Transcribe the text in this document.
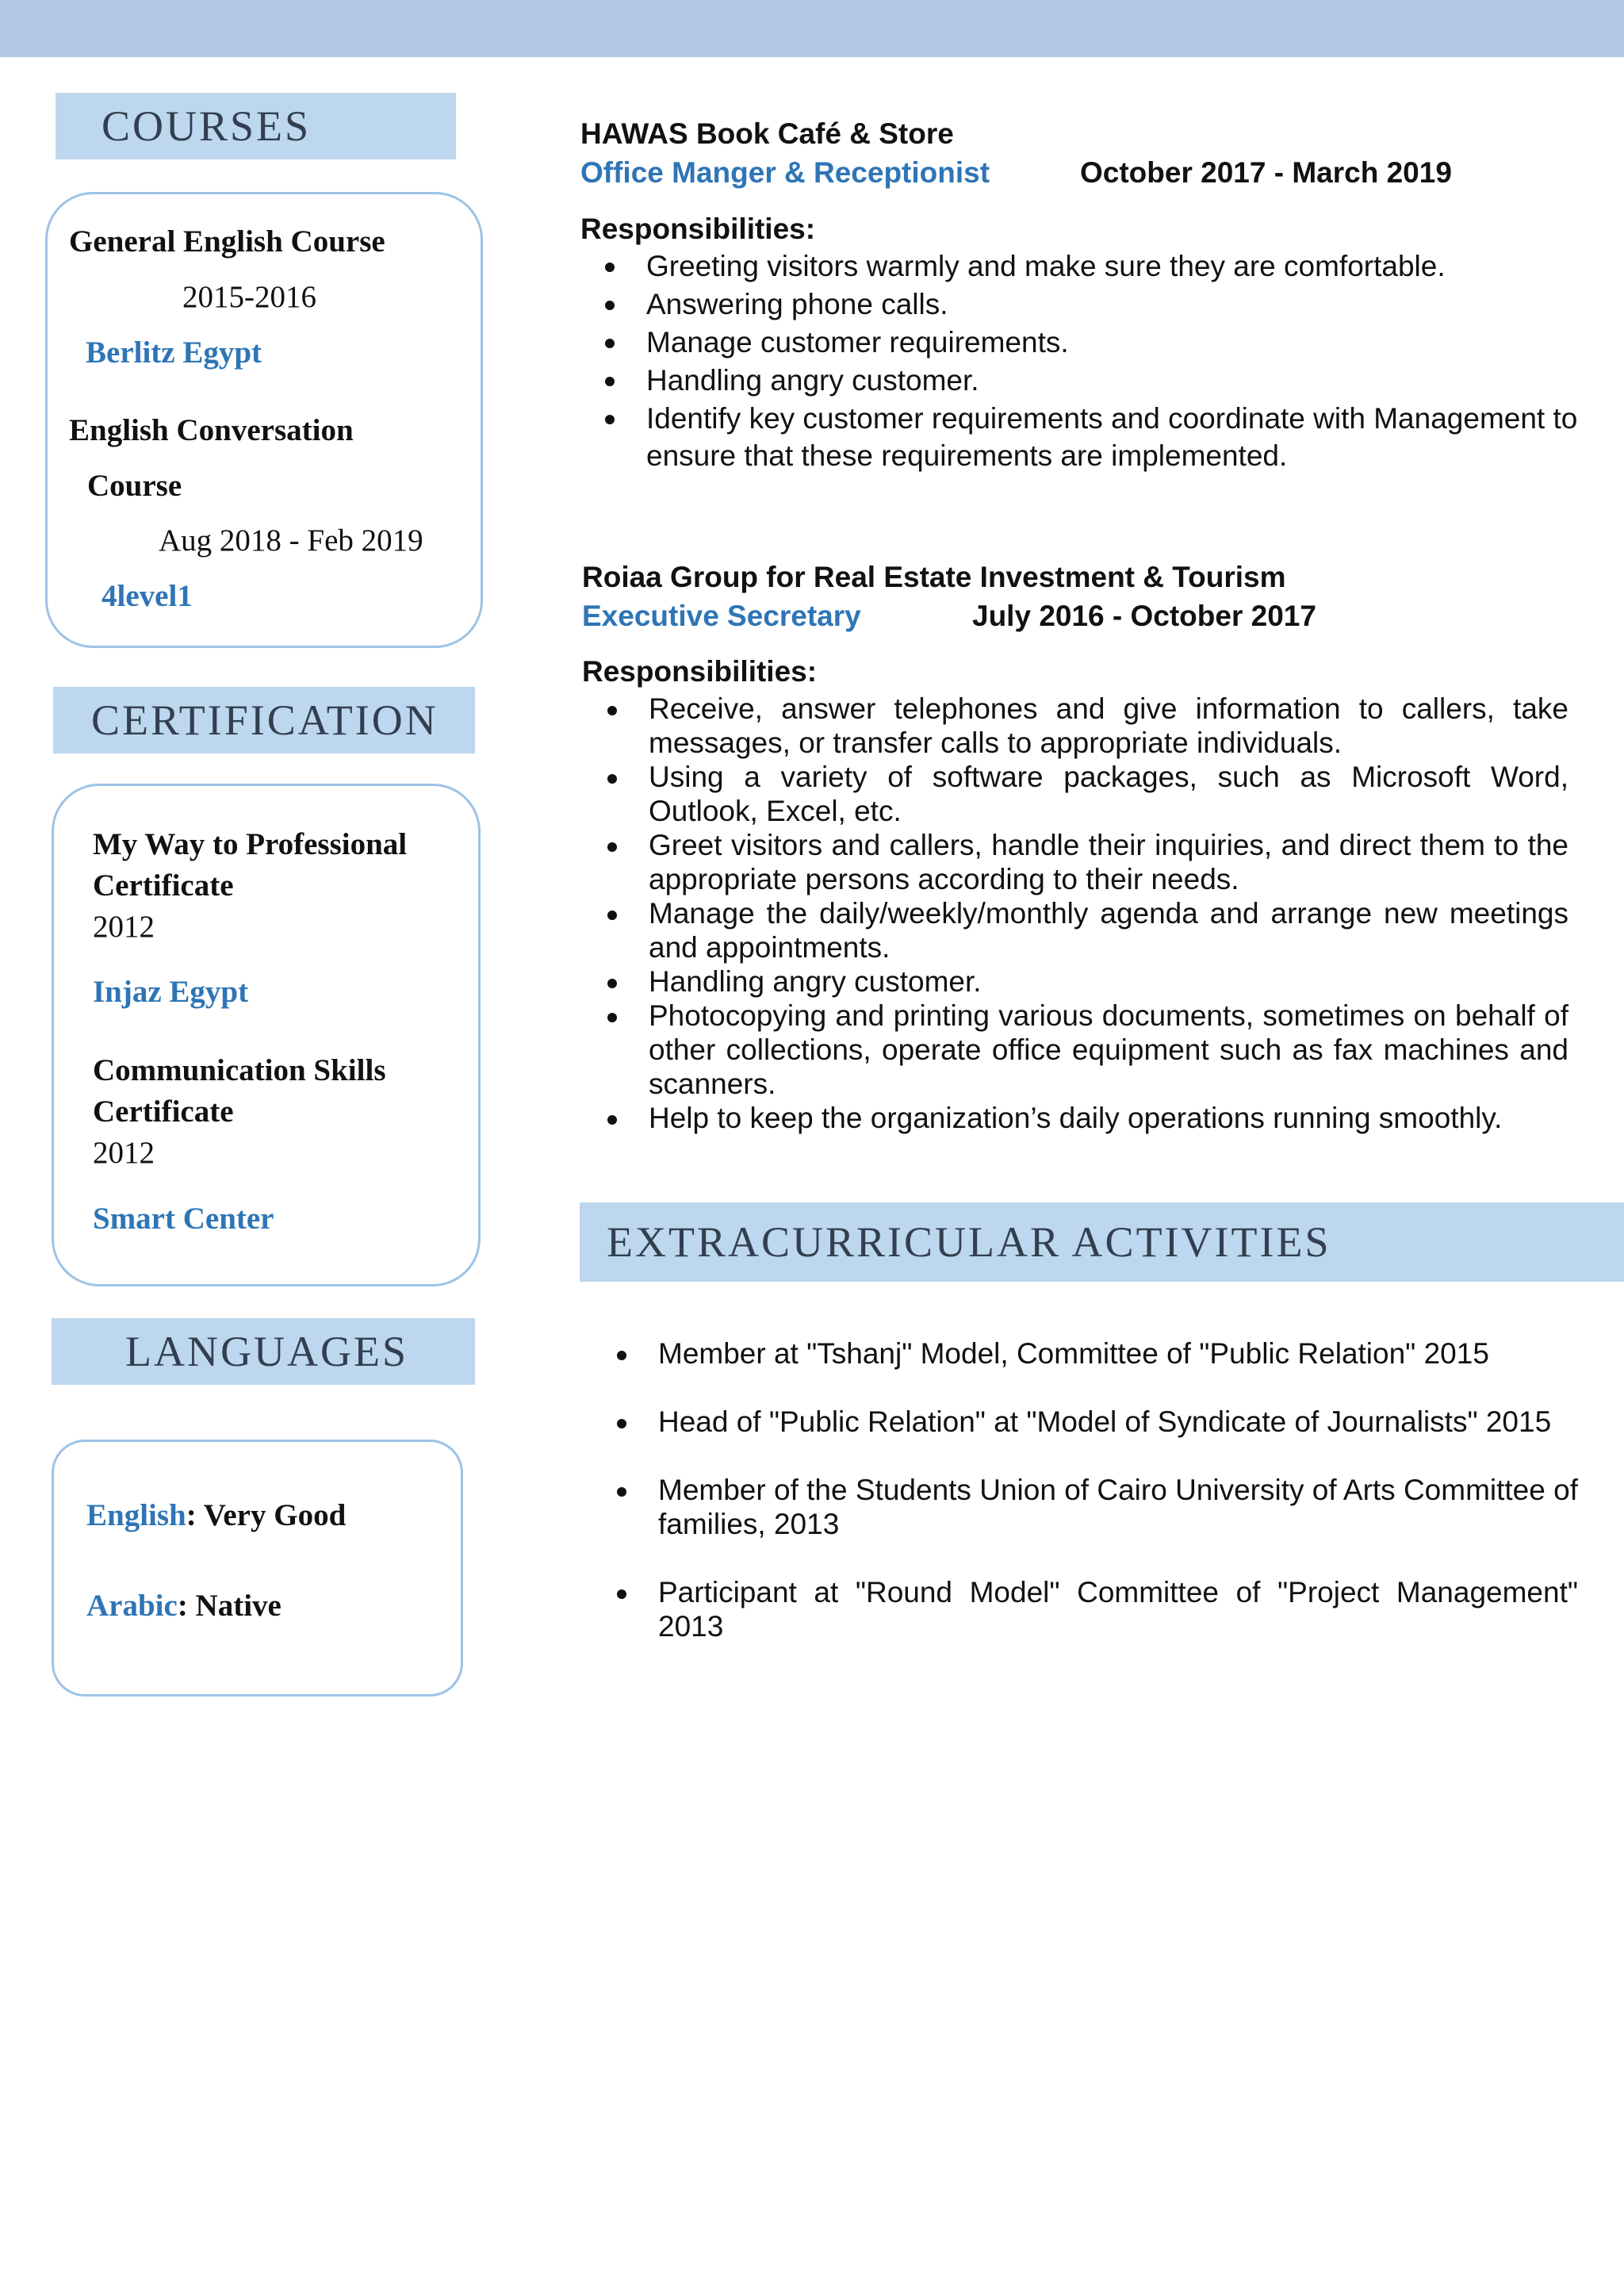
COURSES
General English Course
2015-2016
Berlitz Egypt
English Conversation
Course
Aug 2018 - Feb 2019
4level1
CERTIFICATION
My Way to Professional
Certificate
2012
Injaz Egypt
Communication Skills
Certificate
2012
Smart Center
LANGUAGES
English: Very Good
Arabic: Native
HAWAS Book Café & Store
Office Manger & Receptionist	October 2017 - March 2019
Responsibilities:
Greeting visitors warmly and make sure they are comfortable.
Answering phone calls.
Manage customer requirements.
Handling angry customer.
Identify key customer requirements and coordinate with Management to ensure that these requirements are implemented.
Roiaa Group for Real Estate Investment & Tourism
Executive Secretary	July 2016 - October 2017
Responsibilities:
Receive, answer telephones and give information to callers, take messages, or transfer calls to appropriate individuals.
Using a variety of software packages, such as Microsoft Word, Outlook, Excel, etc.
Greet visitors and callers, handle their inquiries, and direct them to the appropriate persons according to their needs.
Manage the daily/weekly/monthly agenda and arrange new meetings and appointments.
Handling angry customer.
Photocopying and printing various documents, sometimes on behalf of other collections, operate office equipment such as fax machines and scanners.
Help to keep the organization’s daily operations running smoothly.
EXTRACURRICULAR ACTIVITIES
Member at "Tshanj" Model, Committee of "Public Relation" 2015
Head of "Public Relation" at "Model of Syndicate of Journalists" 2015
Member of the Students Union of Cairo University of Arts Committee of families, 2013
Participant at "Round Model" Committee of "Project Management" 2013
